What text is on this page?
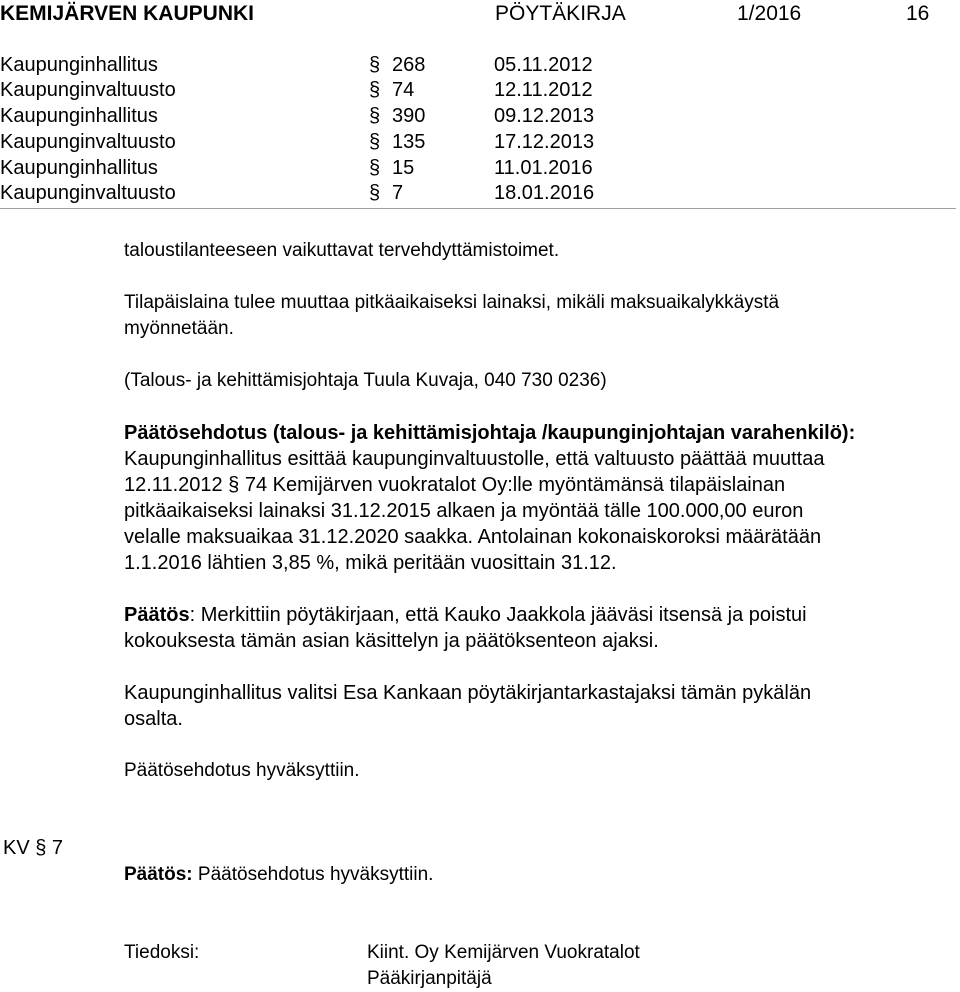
KEMIJÄRVEN KAUPUNKI	PÖYTÄKIRJA	1/2016	16
Kaupunginhallitus	§ 268	05.11.2012
Kaupunginvaltuusto	§ 74	12.11.2012
Kaupunginhallitus	§ 390	09.12.2013
Kaupunginvaltuusto	§ 135	17.12.2013
Kaupunginhallitus	§ 15	11.01.2016
Kaupunginvaltuusto	§ 7	18.01.2016
taloustilanteeseen vaikuttavat tervehdyttämistoimet.
Tilapäislaina tulee muuttaa pitkäaikaiseksi lainaksi, mikäli maksuaikalykkäystä
myönnetään.
(Talous- ja kehittämisjohtaja Tuula Kuvaja, 040 730 0236)
Päätösehdotus (talous- ja kehittämisjohtaja /kaupunginjohtajan varahenkilö):
Kaupunginhallitus esittää kaupunginvaltuustolle, että valtuusto päättää muuttaa
12.11.2012 § 74 Kemijärven vuokratalot Oy:lle myöntämänsä tilapäislainan
pitkäaikaiseksi lainaksi 31.12.2015 alkaen ja myöntää tälle 100.000,00 euron
velalle maksuaikaa 31.12.2020 saakka. Antolainan kokonaiskoroksi määrätään
1.1.2016 lähtien 3,85 %, mikä peritään vuosittain 31.12.
Päätös: Merkittiin pöytäkirjaan, että Kauko Jaakkola jääväsi itsensä ja poistui
kokouksesta tämän asian käsittelyn ja päätöksenteon ajaksi.
Kaupunginhallitus valitsi Esa Kankaan pöytäkirjantarkastajaksi tämän pykälän
osalta.
Päätösehdotus hyväksyttiin.
KV § 7
Päätös: Päätösehdotus hyväksyttiin.
Tiedoksi:	Kiint. Oy Kemijärven Vuokratalot
Pääkirjanpitäjä
